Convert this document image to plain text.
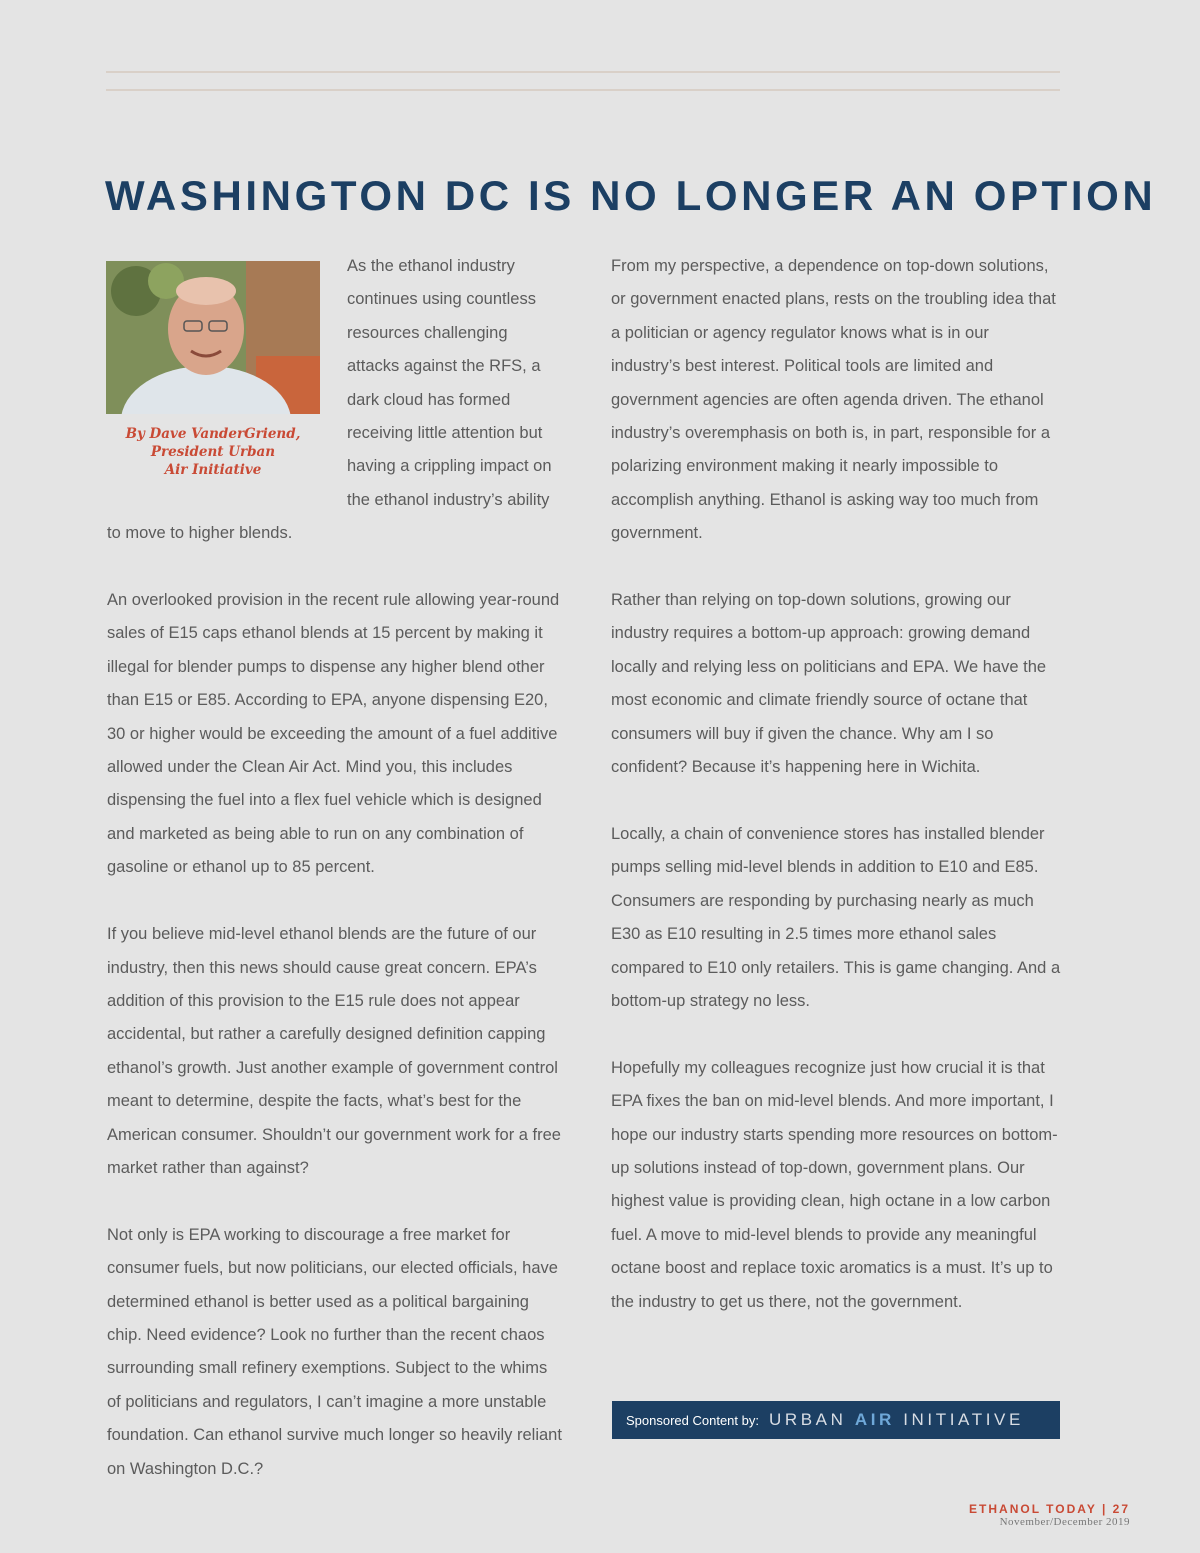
WASHINGTON DC IS NO LONGER AN OPTION
By Dave VanderGriend,
President Urban
Air Initiative

As the ethanol industry continues using countless resources challenging attacks against the RFS, a dark cloud has formed receiving little attention but having a crippling impact on the ethanol industry’s ability to move to higher blends.

An overlooked provision in the recent rule allowing year-round sales of E15 caps ethanol blends at 15 percent by making it illegal for blender pumps to dispense any higher blend other than E15 or E85. According to EPA, anyone dispensing E20, 30 or higher would be exceeding the amount of a fuel additive allowed under the Clean Air Act. Mind you, this includes dispensing the fuel into a flex fuel vehicle which is designed and marketed as being able to run on any combination of gasoline or ethanol up to 85 percent.

If you believe mid-level ethanol blends are the future of our industry, then this news should cause great concern. EPA’s addition of this provision to the E15 rule does not appear accidental, but rather a carefully designed definition capping ethanol’s growth. Just another example of government control meant to determine, despite the facts, what’s best for the American consumer. Shouldn’t our government work for a free market rather than against?

Not only is EPA working to discourage a free market for consumer fuels, but now politicians, our elected officials, have determined ethanol is better used as a political bargaining chip. Need evidence? Look no further than the recent chaos surrounding small refinery exemptions. Subject to the whims of politicians and regulators, I can’t imagine a more unstable foundation. Can ethanol survive much longer so heavily reliant on Washington D.C.?

From my perspective, a dependence on top-down solutions, or government enacted plans, rests on the troubling idea that a politician or agency regulator knows what is in our industry’s best interest. Political tools are limited and government agencies are often agenda driven. The ethanol industry’s overemphasis on both is, in part, responsible for a polarizing environment making it nearly impossible to accomplish anything. Ethanol is asking way too much from government.

Rather than relying on top-down solutions, growing our industry requires a bottom-up approach: growing demand locally and relying less on politicians and EPA. We have the most economic and climate friendly source of octane that consumers will buy if given the chance. Why am I so confident? Because it’s happening here in Wichita.

Locally, a chain of convenience stores has installed blender pumps selling mid-level blends in addition to E10 and E85. Consumers are responding by purchasing nearly as much E30 as E10 resulting in 2.5 times more ethanol sales compared to E10 only retailers. This is game changing. And a bottom-up strategy no less.

Hopefully my colleagues recognize just how crucial it is that EPA fixes the ban on mid-level blends. And more important, I hope our industry starts spending more resources on bottom-up solutions instead of top-down, government plans. Our highest value is providing clean, high octane in a low carbon fuel. A move to mid-level blends to provide any meaningful octane boost and replace toxic aromatics is a must. It’s up to the industry to get us there, not the government.

Sponsored Content by: URBAN AIR INITIATIVE
ETHANOL TODAY | 27
November/December 2019
